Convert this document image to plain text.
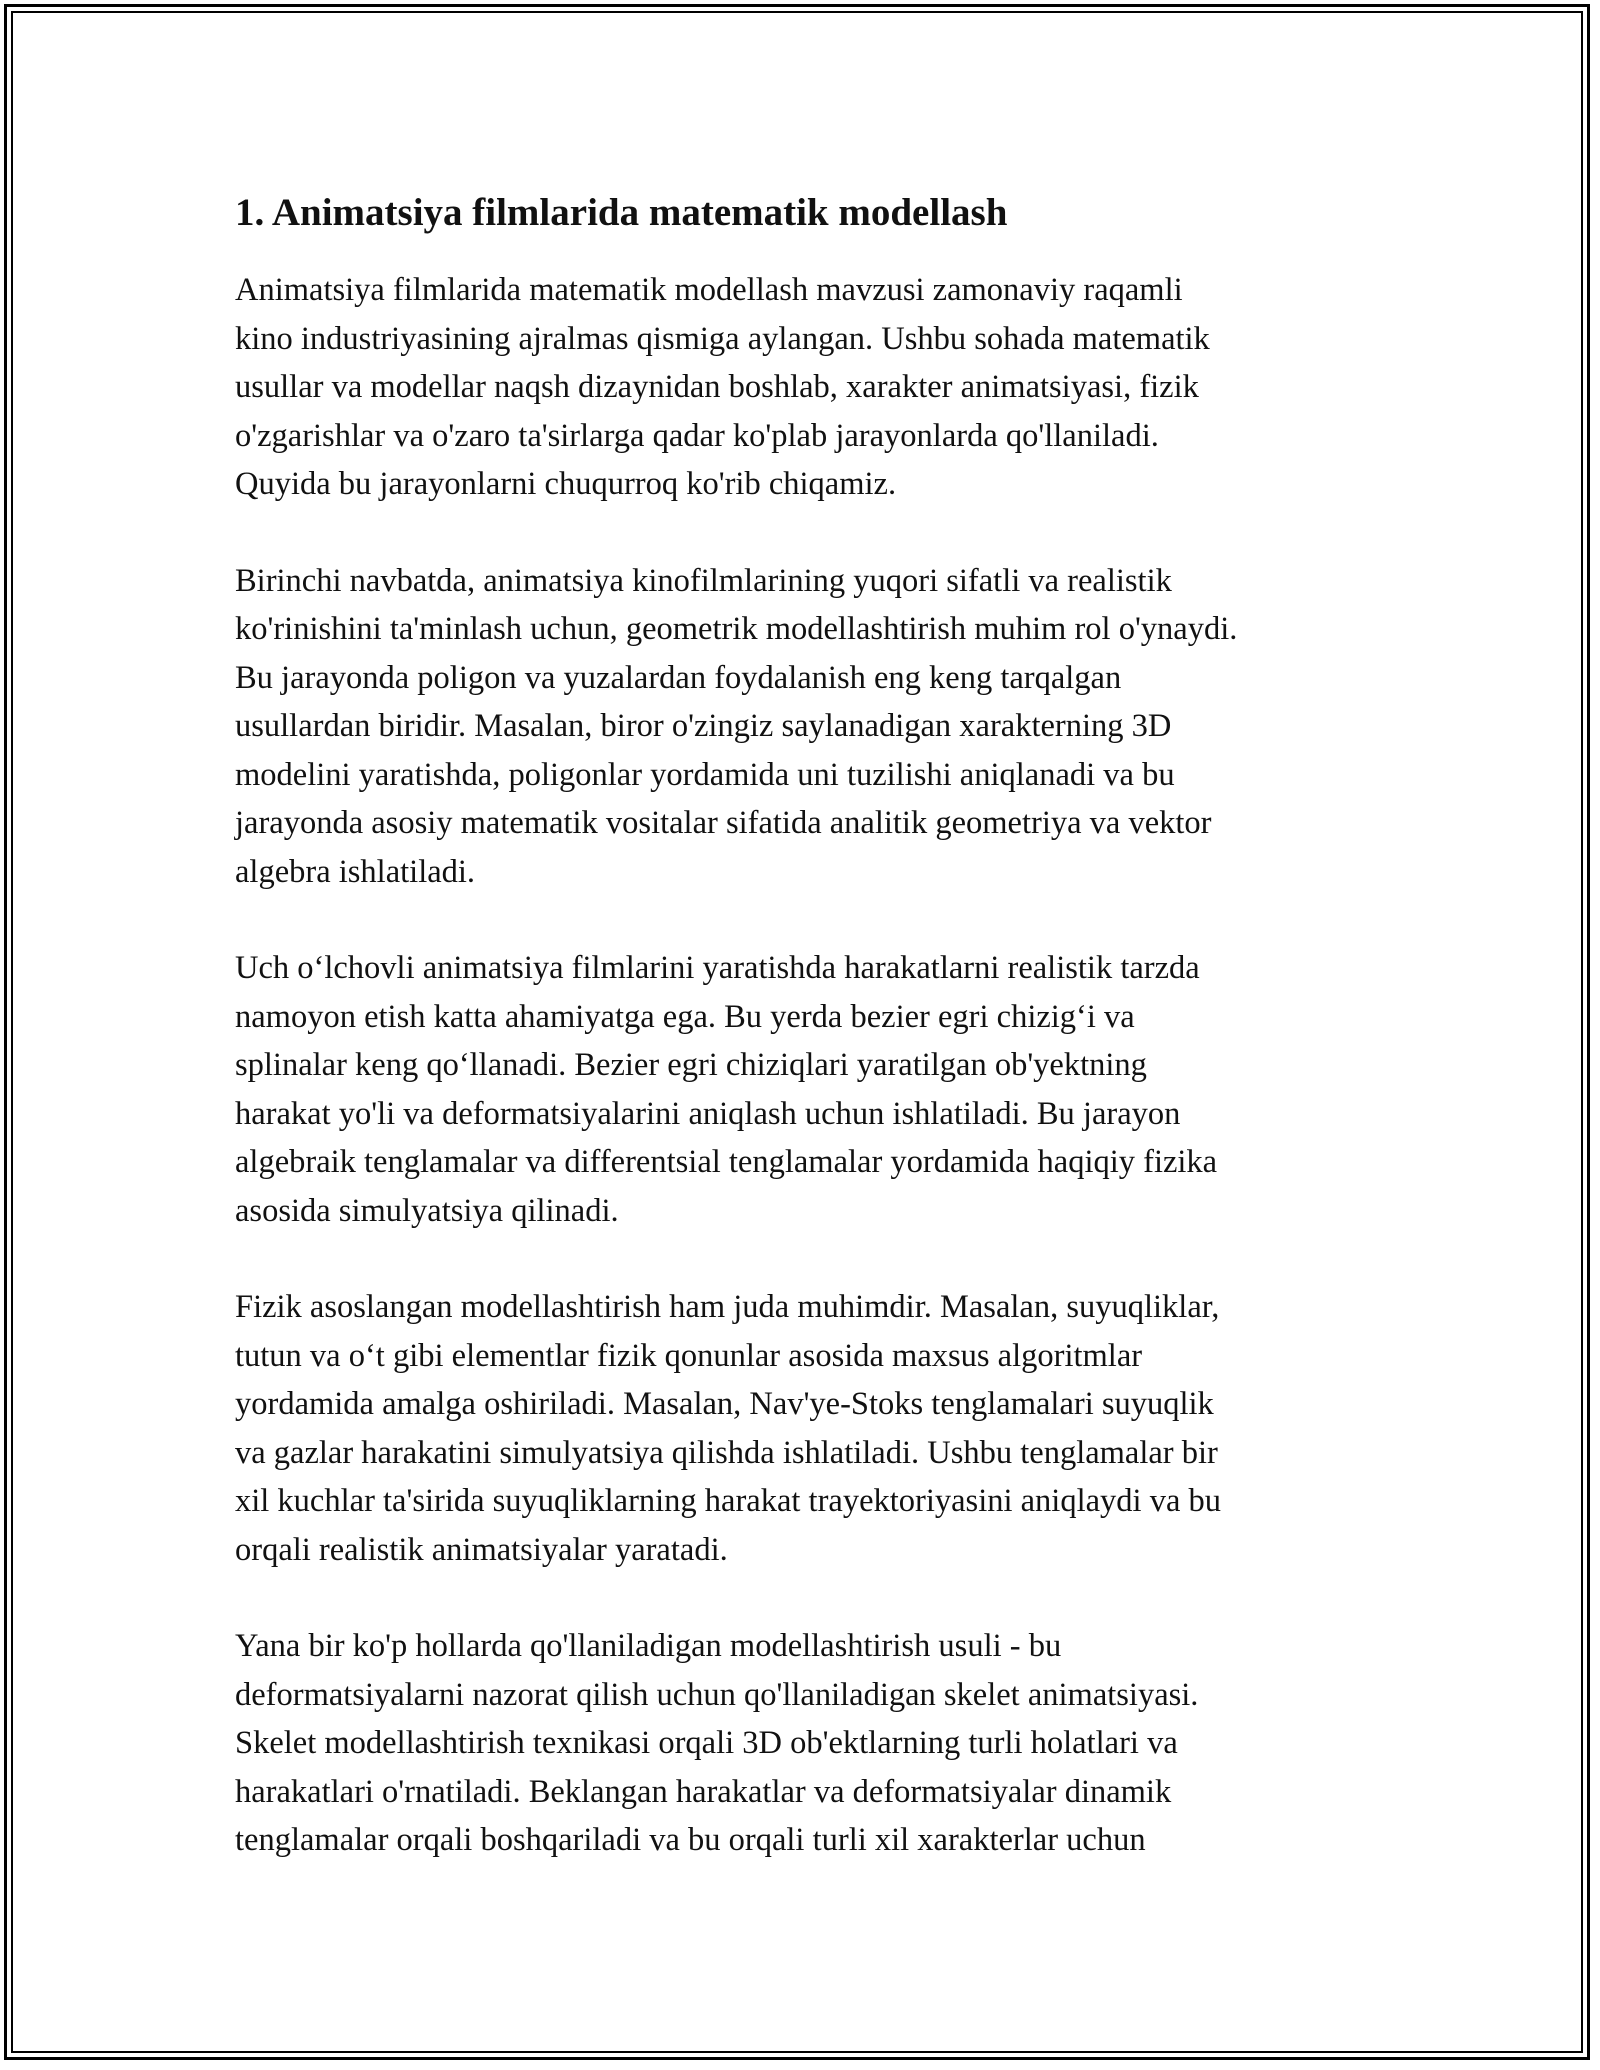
1. Animatsiya filmlarida matematik modellash

Animatsiya filmlarida matematik modellash mavzusi zamonaviy raqamli
kino industriyasining ajralmas qismiga aylangan. Ushbu sohada matematik
usullar va modellar naqsh dizaynidan boshlab, xarakter animatsiyasi, fizik
o'zgarishlar va o'zaro ta'sirlarga qadar ko'plab jarayonlarda qo'llaniladi.
Quyida bu jarayonlarni chuqurroq ko'rib chiqamiz.

Birinchi navbatda, animatsiya kinofilmlarining yuqori sifatli va realistik
ko'rinishini ta'minlash uchun, geometrik modellashtirish muhim rol o'ynaydi.
Bu jarayonda poligon va yuzalardan foydalanish eng keng tarqalgan
usullardan biridir. Masalan, biror o'zingiz saylanadigan xarakterning 3D
modelini yaratishda, poligonlar yordamida uni tuzilishi aniqlanadi va bu
jarayonda asosiy matematik vositalar sifatida analitik geometriya va vektor
algebra ishlatiladi.

Uch o‘lchovli animatsiya filmlarini yaratishda harakatlarni realistik tarzda
namoyon etish katta ahamiyatga ega. Bu yerda bezier egri chizig‘i va
splinalar keng qo‘llanadi. Bezier egri chiziqlari yaratilgan ob'yektning
harakat yo'li va deformatsiyalarini aniqlash uchun ishlatiladi. Bu jarayon
algebraik tenglamalar va differentsial tenglamalar yordamida haqiqiy fizika
asosida simulyatsiya qilinadi.

Fizik asoslangan modellashtirish ham juda muhimdir. Masalan, suyuqliklar,
tutun va o‘t gibi elementlar fizik qonunlar asosida maxsus algoritmlar
yordamida amalga oshiriladi. Masalan, Nav'ye-Stoks tenglamalari suyuqlik
va gazlar harakatini simulyatsiya qilishda ishlatiladi. Ushbu tenglamalar bir
xil kuchlar ta'sirida suyuqliklarning harakat trayektoriyasini aniqlaydi va bu
orqali realistik animatsiyalar yaratadi.

Yana bir ko'p hollarda qo'llaniladigan modellashtirish usuli - bu
deformatsiyalarni nazorat qilish uchun qo'llaniladigan skelet animatsiyasi.
Skelet modellashtirish texnikasi orqali 3D ob'ektlarning turli holatlari va
harakatlari o'rnatiladi. Beklangan harakatlar va deformatsiyalar dinamik
tenglamalar orqali boshqariladi va bu orqali turli xil xarakterlar uchun
